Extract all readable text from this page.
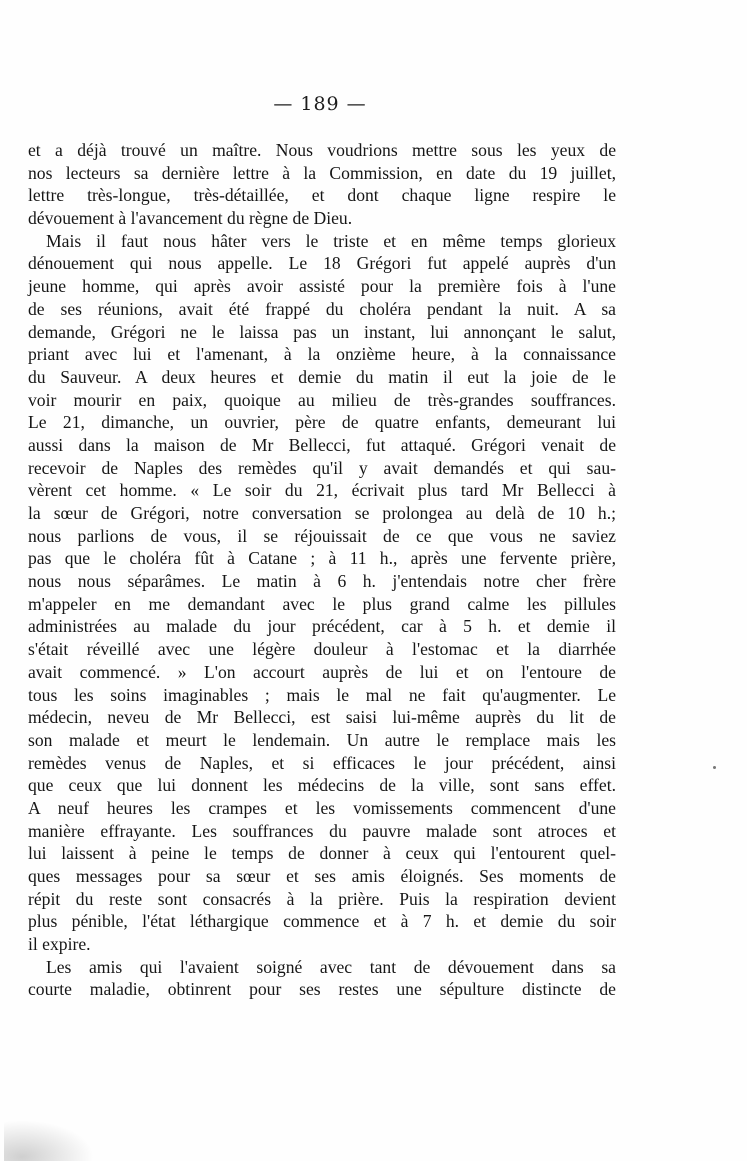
— 189 —
et a déjà trouvé un maître. Nous voudrions mettre sous les yeux de
nos lecteurs sa dernière lettre à la Commission, en date du 19 juillet,
lettre très-longue, très-détaillée, et dont chaque ligne respire le
dévouement à l'avancement du règne de Dieu.
Mais il faut nous hâter vers le triste et en même temps glorieux
dénouement qui nous appelle. Le 18 Grégori fut appelé auprès d'un
jeune homme, qui après avoir assisté pour la première fois à l'une
de ses réunions, avait été frappé du choléra pendant la nuit. A sa
demande, Grégori ne le laissa pas un instant, lui annonçant le salut,
priant avec lui et l'amenant, à la onzième heure, à la connaissance
du Sauveur. A deux heures et demie du matin il eut la joie de le
voir mourir en paix, quoique au milieu de très-grandes souffrances.
Le 21, dimanche, un ouvrier, père de quatre enfants, demeurant lui
aussi dans la maison de Mr Bellecci, fut attaqué. Grégori venait de
recevoir de Naples des remèdes qu'il y avait demandés et qui sau-
vèrent cet homme. « Le soir du 21, écrivait plus tard Mr Bellecci à
la sœur de Grégori, notre conversation se prolongea au delà de 10 h.;
nous parlions de vous, il se réjouissait de ce que vous ne saviez
pas que le choléra fût à Catane ; à 11 h., après une fervente prière,
nous nous séparâmes. Le matin à 6 h. j'entendais notre cher frère
m'appeler en me demandant avec le plus grand calme les pillules
administrées au malade du jour précédent, car à 5 h. et demie il
s'était réveillé avec une légère douleur à l'estomac et la diarrhée
avait commencé. » L'on accourt auprès de lui et on l'entoure de
tous les soins imaginables ; mais le mal ne fait qu'augmenter. Le
médecin, neveu de Mr Bellecci, est saisi lui-même auprès du lit de
son malade et meurt le lendemain. Un autre le remplace mais les
remèdes venus de Naples, et si efficaces le jour précédent, ainsi
que ceux que lui donnent les médecins de la ville, sont sans effet.
A neuf heures les crampes et les vomissements commencent d'une
manière effrayante. Les souffrances du pauvre malade sont atroces et
lui laissent à peine le temps de donner à ceux qui l'entourent quel-
ques messages pour sa sœur et ses amis éloignés. Ses moments de
répit du reste sont consacrés à la prière. Puis la respiration devient
plus pénible, l'état léthargique commence et à 7 h. et demie du soir
il expire.
Les amis qui l'avaient soigné avec tant de dévouement dans sa
courte maladie, obtinrent pour ses restes une sépulture distincte de
